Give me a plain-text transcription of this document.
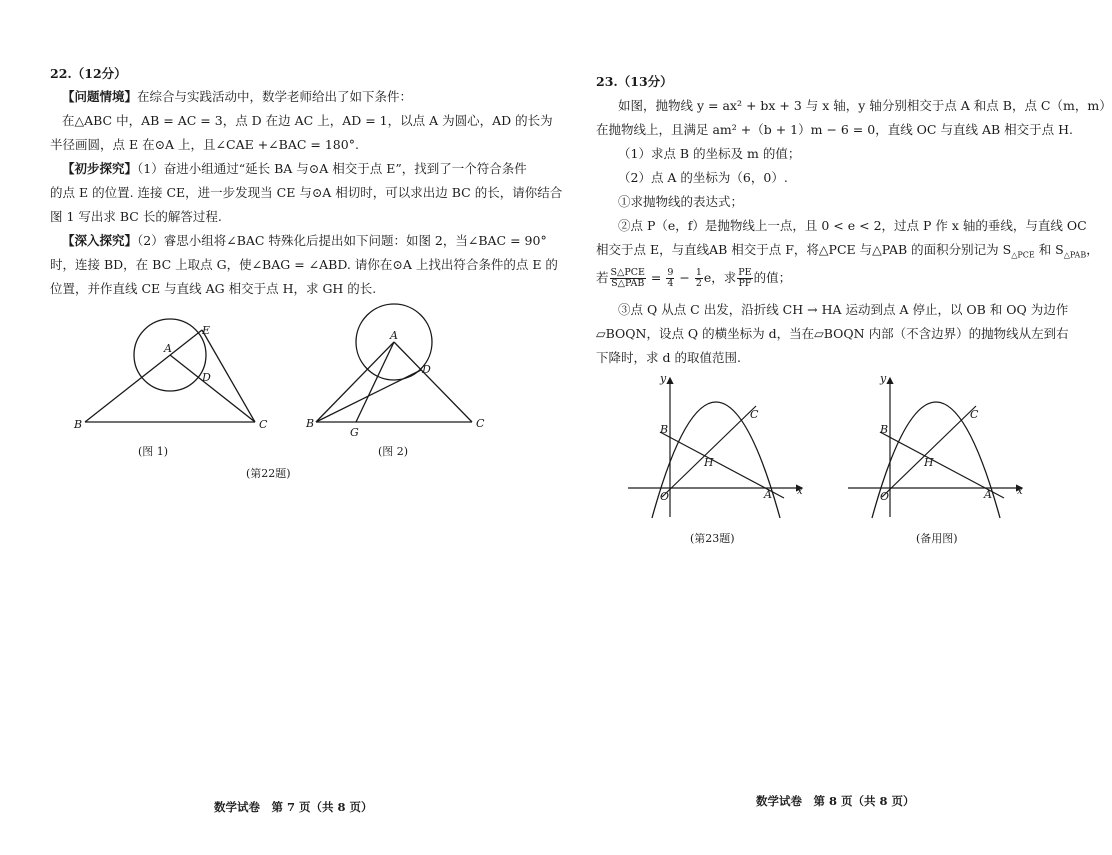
22.（12分）
【问题情境】在综合与实践活动中，数学老师给出了如下条件：
在△ABC 中，AB = AC = 3，点 D 在边 AC 上，AD = 1，以点 A 为圆心，AD 的长为
半径画圆，点 E 在⊙A 上，且∠CAE +∠BAC = 180°.
【初步探究】（1）奋进小组通过“延长 BA 与⊙A 相交于点 E”，找到了一个符合条件
的点 E 的位置. 连接 CE，进一步发现当 CE 与⊙A 相切时，可以求出边 BC 的长，请你结合
图 1 写出求 BC 长的解答过程.
【深入探究】（2）睿思小组将∠BAC 特殊化后提出如下问题：如图 2，当∠BAC = 90°
时，连接 BD，在 BC 上取点 G，使∠BAG = ∠ABD. 请你在⊙A 上找出符合条件的点 E 的
位置，并作直线 CE 与直线 AG 相交于点 H，求 GH 的长.
A
B	C
D
E
(图 1)
A
B	C
D
G
(图 2)
(第22题)
数学试卷　第 7 页（共 8 页）
23.（13分）
如图，抛物线 y = ax² + bx + 3 与 x 轴，y 轴分别相交于点 A 和点 B，点 C（m，m）
在抛物线上，且满足 am² +（b + 1）m − 6 = 0，直线 OC 与直线 AB 相交于点 H.
（1）求点 B 的坐标及 m 的值；
（2）点 A 的坐标为（6，0）.
①求抛物线的表达式；
②点 P（e，f）是抛物线上一点，且 0 < e < 2，过点 P 作 x 轴的垂线，与直线 OC
相交于点 E，与直线AB 相交于点 F，将△PCE 与△PAB 的面积分别记为 $S_{\triangle PCE}$ 和 $S_{\triangle PAB}$，
若 $\frac{\text{S△PCE}}{\text{S△PAB}} = \frac{9}{4} - \frac{1}{2}$ e，求 $\frac{PE}{PF}$ 的值；
③点 Q 从点 C 出发，沿折线 CH → HA 运动到点 A 停止，以 OB 和 OQ 为边作
▱BOQN，设点 Q 的横坐标为 d，当在▱BOQN 内部（不含边界）的抛物线从左到右
下降时，求 d 的取值范围.
y
x
O	A
B
C
H
(第23题)
y
x
O	A
B
C
H
(备用图)
数学试卷　第 8 页（共 8 页）
